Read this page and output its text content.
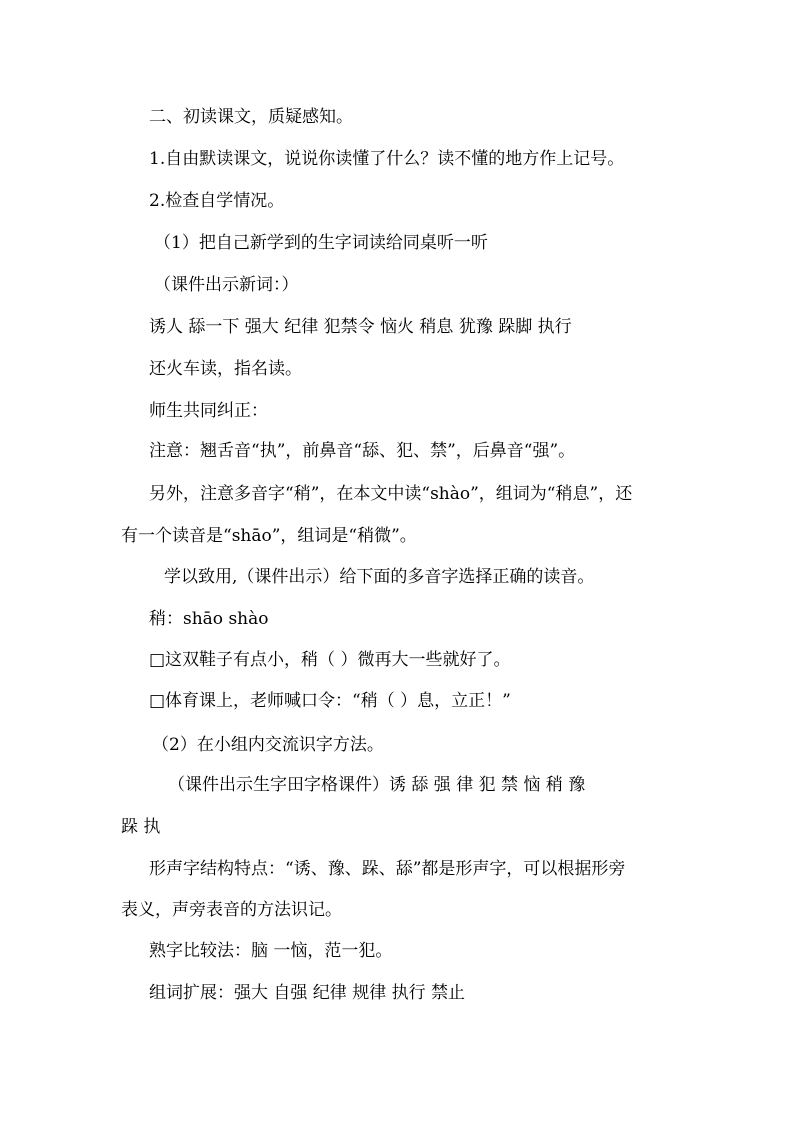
二、初读课文，质疑感知。
1.自由默读课文，说说你读懂了什么？读不懂的地方作上记号。
2.检查自学情况。
（1）把自己新学到的生字词读给同桌听一听
（课件出示新词：）
诱人 舔一下 强大 纪律 犯禁令 恼火 稍息 犹豫 跺脚 执行
还火车读，指名读。
师生共同纠正：
注意：翘舌音“执”，前鼻音“舔、犯、禁”，后鼻音“强”。
另外，注意多音字“稍”，在本文中读“shào”，组词为“稍息”，还
有一个读音是“shāo”，组词是“稍微”。
学以致用,（课件出示）给下面的多音字选择正确的读音。
稍：shāo shào
□这双鞋子有点小，稍（ ）微再大一些就好了。
□体育课上，老师喊口令：“稍（ ）息，立正！”
（2）在小组内交流识字方法。
（课件出示生字田字格课件）诱 舔 强 律 犯 禁 恼 稍 豫
跺 执
形声字结构特点：“诱、豫、跺、舔”都是形声字，可以根据形旁
表义，声旁表音的方法识记。
熟字比较法：脑 一恼，范一犯。
组词扩展：强大 自强 纪律 规律 执行 禁止
